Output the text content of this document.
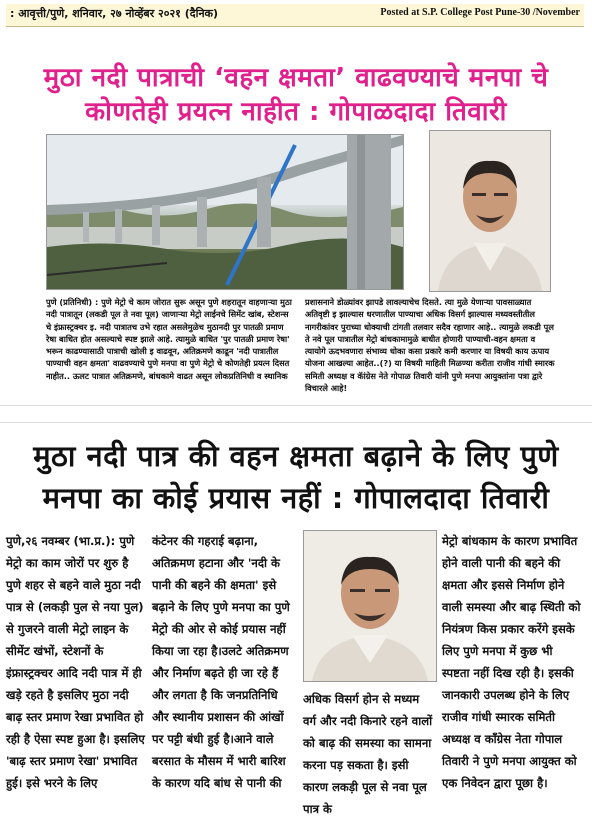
: आवृत्ती/पुणे, शनिवार, २७ नोव्हेंबर २०२१ (दैनिक)	Posted at S.P. College Post Pune-30 /November
मुठा नदी पात्राची ‘वहन क्षमता’ वाढवण्याचे मनपा चे
कोणतेही प्रयत्न नाहीत : गोपाळदादा तिवारी
पुणे (प्रतिनिधी) : पुणे मेट्रो चे काम जोरात सुरू असून पुणे शहरातून वाहणाऱ्या मुठा नदी पात्रातून (लकडी पूल ते नवा पूल) जाणाऱ्या मेट्रो लाईनचे सिमेंट खांब, स्टेशन्स चे इंफ्रास्ट्रक्चर इ. नदी पात्रातच उभे रहात असलेमुळेच मुठानदी पुर पातळी प्रमाण रेषा बाधित होत असल्याचे स्पष्ट झाले आहे. त्यामुळे बाधित 'पुर पातळी प्रमाण रेषा' भरून काढण्यासाठी पात्राची खोली इ वाढवून, अतिक्रमणे काढून 'नदी पात्रातील पाण्याची वहन क्षमता' वाढवण्याचे पुणे मनपा वा पुणे मेट्रो चे कोणतेही प्रयत्न दिसत नाहीत.. ऊलट पात्रात अतिक्रमणे, बांधकामे वाढत असून लोकप्रतिनिधी व स्थानिक
प्रशासनाने डोळ्यांवर झापडे लावल्याचेच दिसते. त्या मुळे येणाऱ्या पावसाळ्यात अतिवृष्टी इ झाल्यास धरणातील पाण्याचा अधिक विसर्ग झाल्यास मध्यवस्तीतील नागरीकांवर पुराच्या धोक्याची टांगती तलवार सदैव रहाणार आहे.. त्यामुळे लकडी पूल ते नवे पूल पात्रातील मेट्रो बांधकामामुळे बाधीत होणारी पाण्याची-वहन क्षमता व त्यायोगे ऊदभवणारा संभाव्य धोका कसा प्रकारे कमी करणार या विषयी काय ऊपाय योजना आखल्या आहेत..(?) या विषयी माहिती मिळण्या करीता राजीव गांधी स्मारक समिती अध्यक्ष व कॅांग्रेस नेते गोपाळ तिवारी यांनी पुणे मनपा आयुक्तांना पत्रा द्वारे विचारले आहे!
मुठा नदी पात्र की वहन क्षमता बढ़ाने के लिए पुणे
मनपा का कोई प्रयास नहीं : गोपालदादा तिवारी
पुणे,२६ नवम्बर (भा.प्र.): पुणे मेट्रो का काम जोरों पर शुरु है पुणे शहर से बहने वाले मुठा नदी पात्र से (लकड़ी पुल से नया पुल) से गुजरने वाली मेट्रो लाइन के सीमेंट खंभों, स्टेशनों के इंफ्रास्ट्रक्चर आदि नदी पात्र में ही खड़े रहते है इसलिए मुठा नदी बाढ़ स्तर प्रमाण रेखा प्रभावित हो रही है ऐसा स्पष्ट हुआ है। इसलिए 'बाढ़ स्तर प्रमाण रेखा' प्रभावित हुई। इसे भरने के लिए
कंटेनर की गहराई बढ़ाना, अतिक्रमण हटाना और 'नदी के पानी की बहने की क्षमता' इसे बढ़ाने के लिए पुणे मनपा का पुणे मेट्रो की ओर से कोई प्रयास नहीं किया जा रहा है।उलटे अतिक्रमण और निर्माण बढ़ते ही जा रहे हैं और लगता है कि जनप्रतिनिधि और स्थानीय प्रशासन की आंखों पर पट्टी बंधी हुई है।आने वाले बरसात के मौसम में भारी बारिश के कारण यदि बांध से पानी की
अधिक विसर्ग होन से मध्यम वर्ग और नदी किनारे रहने वालों को बाढ़ की समस्या का सामना करना पड़ सकता है। इसी कारण लकड़ी पूल से नवा पूल पात्र के
मेट्रो बांधकाम के कारण प्रभावित होने वाली पानी की बहने की क्षमता और इससे निर्माण होने वाली समस्या और बाढ़ स्थिती को नियंत्रण किस प्रकार करेंगे इसके लिए पुणे मनपा में कुछ भी स्पष्टता नहीं दिख रही है। इसकी जानकारी उपलब्ध होने के लिए राजीव गांधी स्मारक समिती अध्यक्ष व कॉंग्रेस नेता गोपाल तिवारी ने पुणे मनपा आयुक्त को एक निवेदन द्वारा पूछा है।
